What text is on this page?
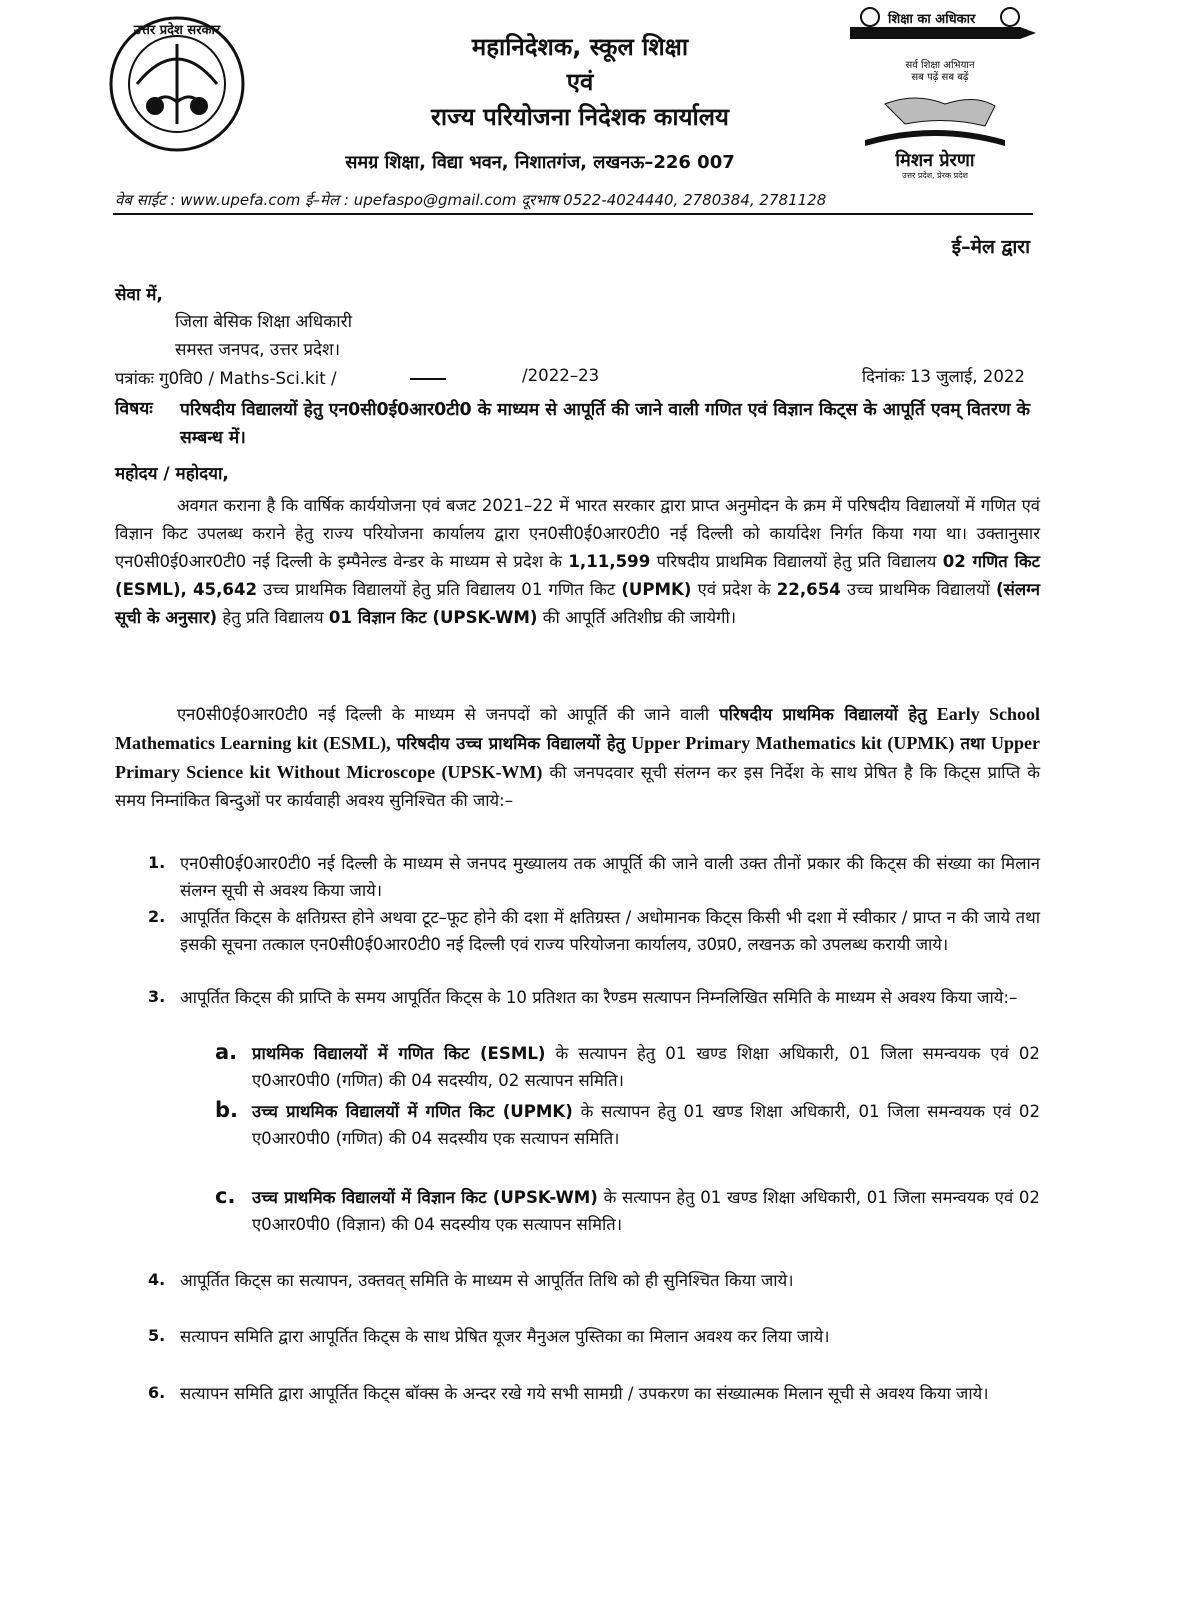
उत्तर प्रदेश सरकार
महानिदेशक, स्कूल शिक्षा
एवं
राज्य परियोजना निदेशक कार्यालय
समग्र शिक्षा, विद्या भवन, निशातगंज, लखनऊ–226 007
शिक्षा का अधिकार
सर्व शिक्षा अभियान
सब पढ़ें सब बढ़ें
मिशन प्रेरणा
उत्तर प्रदेश, प्रेरक प्रदेश
वेब साईट : www.upefa.com ई–मेल : upefaspo@gmail.com दूरभाष 0522-4024440, 2780384, 2781128
ई–मेल द्वारा
सेवा में,
जिला बेसिक शिक्षा अधिकारी
समस्त जनपद, उत्तर प्रदेश।
पत्रांकः गु0वि0 / Maths-Sci.kit /	/2022–23	दिनांकः 13 जुलाई, 2022
विषयः परिषदीय विद्यालयों हेतु एन0सी0ई0आर0टी0 के माध्यम से आपूर्ति की जाने वाली गणित एवं विज्ञान किट्स के आपूर्ति एवम् वितरण के सम्बन्ध में।
महोदय / महोदया,

अवगत कराना है कि वार्षिक कार्ययोजना एवं बजट 2021–22 में भारत सरकार द्वारा प्राप्त अनुमोदन के क्रम में परिषदीय विद्यालयों में गणित एवं विज्ञान किट उपलब्ध कराने हेतु राज्य परियोजना कार्यालय द्वारा एन0सी0ई0आर0टी0 नई दिल्ली को कार्यादेश निर्गत किया गया था। उक्तानुसार एन0सी0ई0आर0टी0 नई दिल्ली के इम्पैनेल्ड वेन्डर के माध्यम से प्रदेश के 1,11,599 परिषदीय प्राथमिक विद्यालयों हेतु प्रति विद्यालय 02 गणित किट (ESML), 45,642 उच्च प्राथमिक विद्यालयों हेतु प्रति विद्यालय 01 गणित किट (UPMK) एवं प्रदेश के 22,654 उच्च प्राथमिक विद्यालयों (संलग्न सूची के अनुसार) हेतु प्रति विद्यालय 01 विज्ञान किट (UPSK-WM) की आपूर्ति अतिशीघ्र की जायेगी।

एन0सी0ई0आर0टी0 नई दिल्ली के माध्यम से जनपदों को आपूर्ति की जाने वाली परिषदीय प्राथमिक विद्यालयों हेतु Early School Mathematics Learning kit (ESML), परिषदीय उच्च प्राथमिक विद्यालयों हेतु Upper Primary Mathematics kit (UPMK) तथा Upper Primary Science kit Without Microscope (UPSK-WM) की जनपदवार सूची संलग्न कर इस निर्देश के साथ प्रेषित है कि किट्स प्राप्ति के समय निम्नांकित बिन्दुओं पर कार्यवाही अवश्य सुनिश्चित की जाये:–

1. एन0सी0ई0आर0टी0 नई दिल्ली के माध्यम से जनपद मुख्यालय तक आपूर्ति की जाने वाली उक्त तीनों प्रकार की किट्स की संख्या का मिलान संलग्न सूची से अवश्य किया जाये।
2. आपूर्तित किट्स के क्षतिग्रस्त होने अथवा टूट–फूट होने की दशा में क्षतिग्रस्त / अधोमानक किट्स किसी भी दशा में स्वीकार / प्राप्त न की जाये तथा इसकी सूचना तत्काल एन0सी0ई0आर0टी0 नई दिल्ली एवं राज्य परियोजना कार्यालय, उ0प्र0, लखनऊ को उपलब्ध करायी जाये।
3. आपूर्तित किट्स की प्राप्ति के समय आपूर्तित किट्स के 10 प्रतिशत का रैण्डम सत्यापन निम्नलिखित समिति के माध्यम से अवश्य किया जाये:–
a. प्राथमिक विद्यालयों में गणित किट (ESML) के सत्यापन हेतु 01 खण्ड शिक्षा अधिकारी, 01 जिला समन्वयक एवं 02 ए0आर0पी0 (गणित) की 04 सदस्यीय, 02 सत्यापन समिति।

b. उच्च प्राथमिक विद्यालयों में गणित किट (UPMK) के सत्यापन हेतु 01 खण्ड शिक्षा अधिकारी, 01 जिला समन्वयक एवं 02 ए0आर0पी0 (गणित) की 04 सदस्यीय एक सत्यापन समिति।

c. उच्च प्राथमिक विद्यालयों में विज्ञान किट (UPSK-WM) के सत्यापन हेतु 01 खण्ड शिक्षा अधिकारी, 01 जिला समन्वयक एवं 02 ए0आर0पी0 (विज्ञान) की 04 सदस्यीय एक सत्यापन समिति।

4. आपूर्तित किट्स का सत्यापन, उक्तवत् समिति के माध्यम से आपूर्तित तिथि को ही सुनिश्चित किया जाये।
5. सत्यापन समिति द्वारा आपूर्तित किट्स के साथ प्रेषित यूजर मैनुअल पुस्तिका का मिलान अवश्य कर लिया जाये।
6. सत्यापन समिति द्वारा आपूर्तित किट्स बॉक्स के अन्दर रखे गये सभी सामग्री / उपकरण का संख्यात्मक मिलान सूची से अवश्य किया जाये।
